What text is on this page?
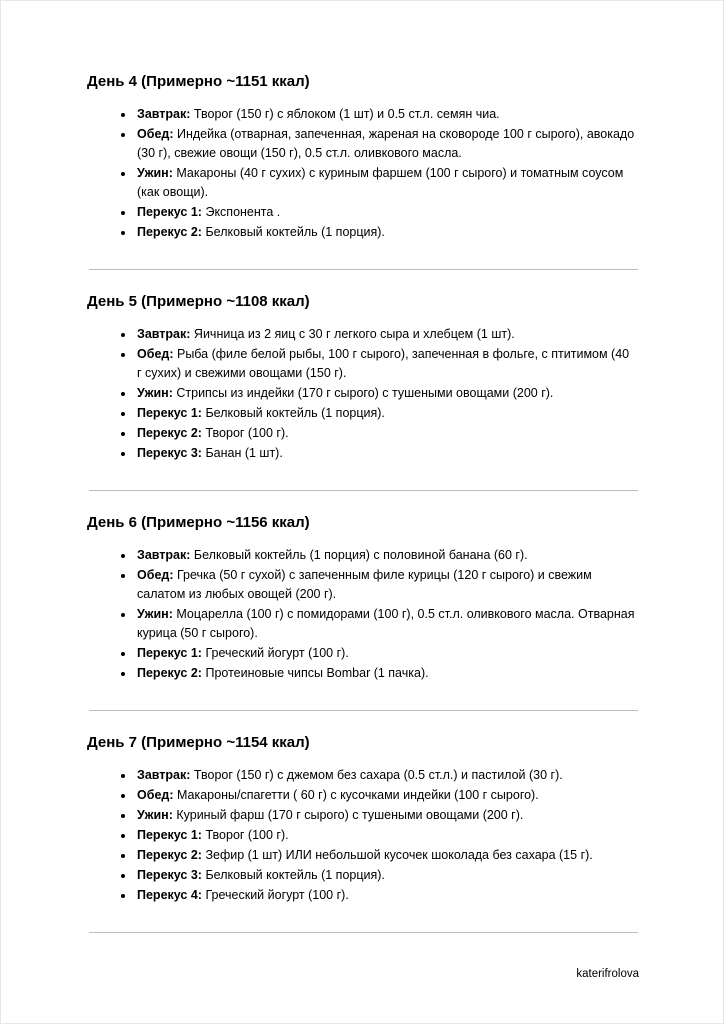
День 4 (Примерно ~1151 ккал)
• Завтрак: Творог (150 г) с яблоком (1 шт) и 0.5 ст.л. семян чиа.
• Обед: Индейка (отварная, запеченная, жареная на сковороде 100 г сырого), авокадо (30 г), свежие овощи (150 г), 0.5 ст.л. оливкового масла.
• Ужин: Макароны (40 г сухих) с куриным фаршем (100 г сырого) и томатным соусом (как овощи).
• Перекус 1: Экспонента .
• Перекус 2: Белковый коктейль (1 порция).
День 5 (Примерно ~1108 ккал)
• Завтрак: Яичница из 2 яиц с 30 г легкого сыра и хлебцем (1 шт).
• Обед: Рыба (филе белой рыбы, 100 г сырого), запеченная в фольге, с птитимом (40 г сухих) и свежими овощами (150 г).
• Ужин: Стрипсы из индейки (170 г сырого) с тушеными овощами (200 г).
• Перекус 1: Белковый коктейль (1 порция).
• Перекус 2: Творог (100 г).
• Перекус 3: Банан (1 шт).
День 6 (Примерно ~1156 ккал)
• Завтрак: Белковый коктейль (1 порция) с половиной банана (60 г).
• Обед: Гречка (50 г сухой) с запеченным филе курицы (120 г сырого) и свежим салатом из любых овощей (200 г).
• Ужин: Моцарелла (100 г) с помидорами (100 г), 0.5 ст.л. оливкового масла. Отварная курица (50 г сырого).
• Перекус 1: Греческий йогурт (100 г).
• Перекус 2: Протеиновые чипсы Bombar (1 пачка).
День 7 (Примерно ~1154 ккал)
• Завтрак: Творог (150 г) с джемом без сахара (0.5 ст.л.) и пастилой (30 г).
• Обед: Макароны/спагетти ( 60 г) с кусочками индейки (100 г сырого).
• Ужин: Куриный фарш (170 г сырого) с тушеными овощами (200 г).
• Перекус 1: Творог (100 г).
• Перекус 2: Зефир (1 шт) ИЛИ небольшой кусочек шоколада без сахара (15 г).
• Перекус 3: Белковый коктейль (1 порция).
• Перекус 4: Греческий йогурт (100 г).
katerifrolova
